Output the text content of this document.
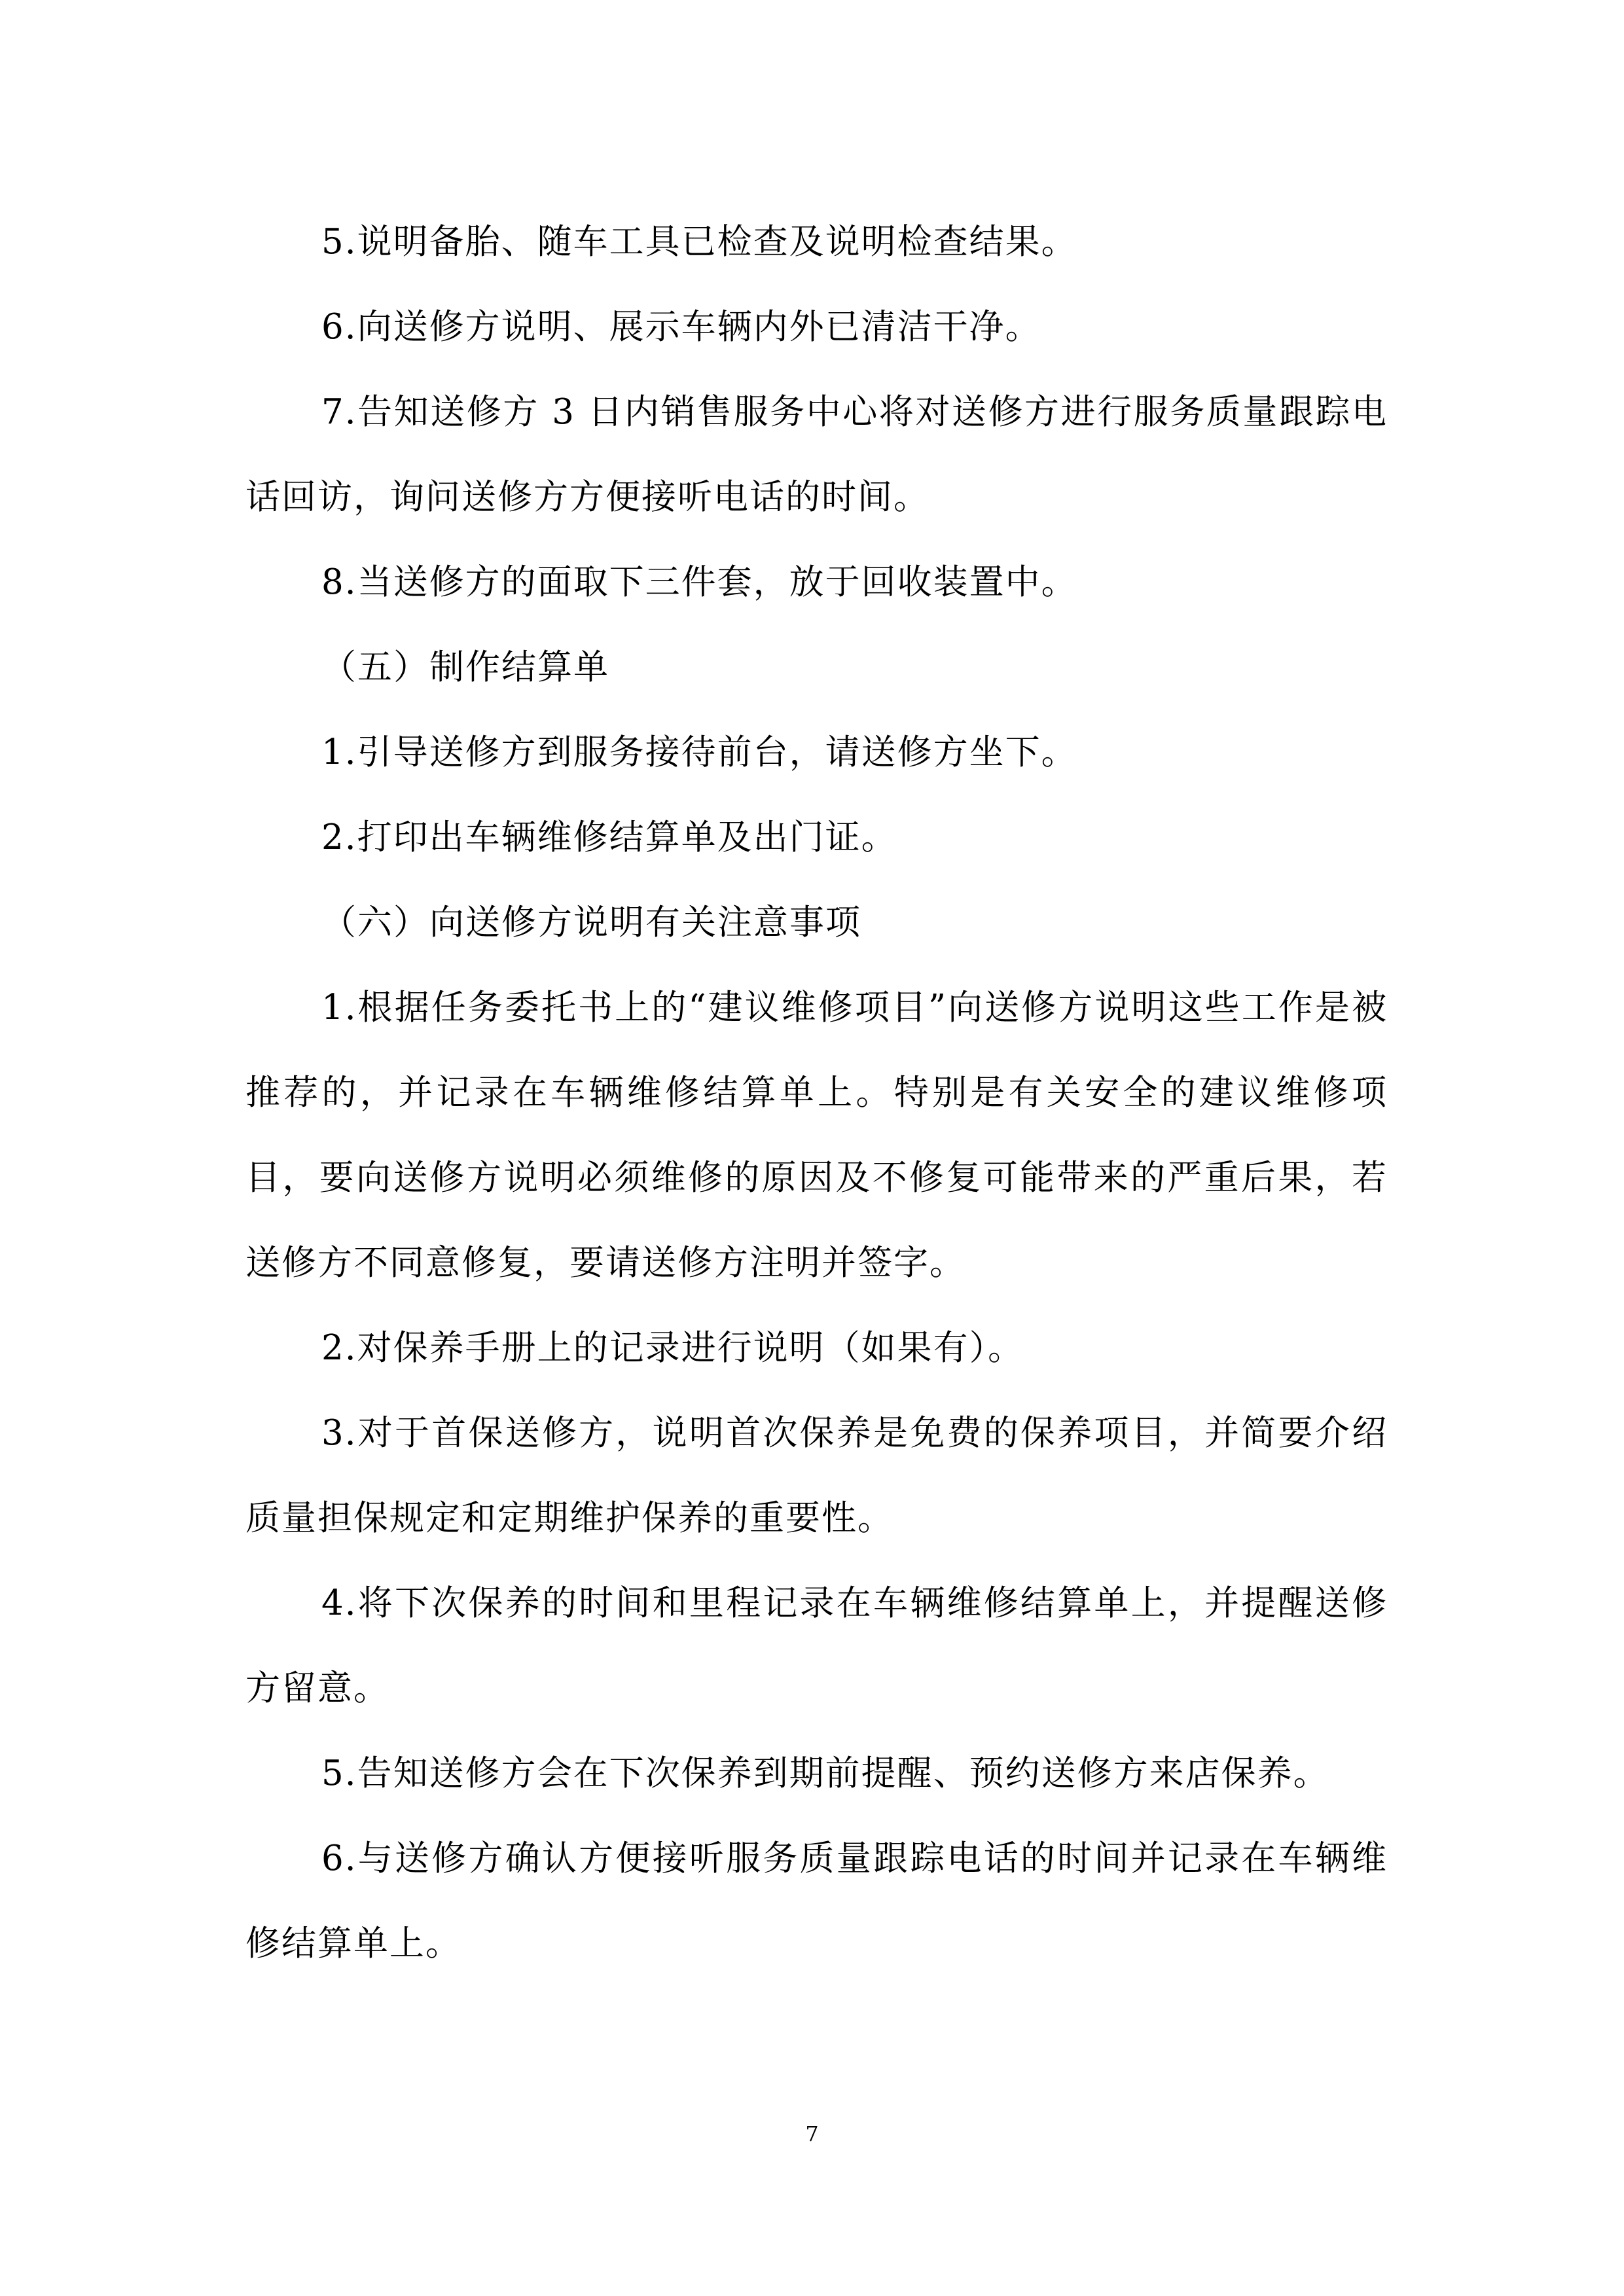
5.说明备胎、随车工具已检查及说明检查结果。

6.向送修方说明、展示车辆内外已清洁干净。

7.告知送修方 3 日内销售服务中心将对送修方进行服务质量跟踪电话回访，询问送修方方便接听电话的时间。

8.当送修方的面取下三件套，放于回收装置中。

（五）制作结算单

1.引导送修方到服务接待前台，请送修方坐下。

2.打印出车辆维修结算单及出门证。

（六）向送修方说明有关注意事项

1.根据任务委托书上的“建议维修项目”向送修方说明这些工作是被推荐的，并记录在车辆维修结算单上。特别是有关安全的建议维修项目，要向送修方说明必须维修的原因及不修复可能带来的严重后果，若送修方不同意修复，要请送修方注明并签字。

2.对保养手册上的记录进行说明（如果有）。

3.对于首保送修方，说明首次保养是免费的保养项目，并简要介绍质量担保规定和定期维护保养的重要性。

4.将下次保养的时间和里程记录在车辆维修结算单上，并提醒送修方留意。

5.告知送修方会在下次保养到期前提醒、预约送修方来店保养。

6.与送修方确认方便接听服务质量跟踪电话的时间并记录在车辆维修结算单上。

7
